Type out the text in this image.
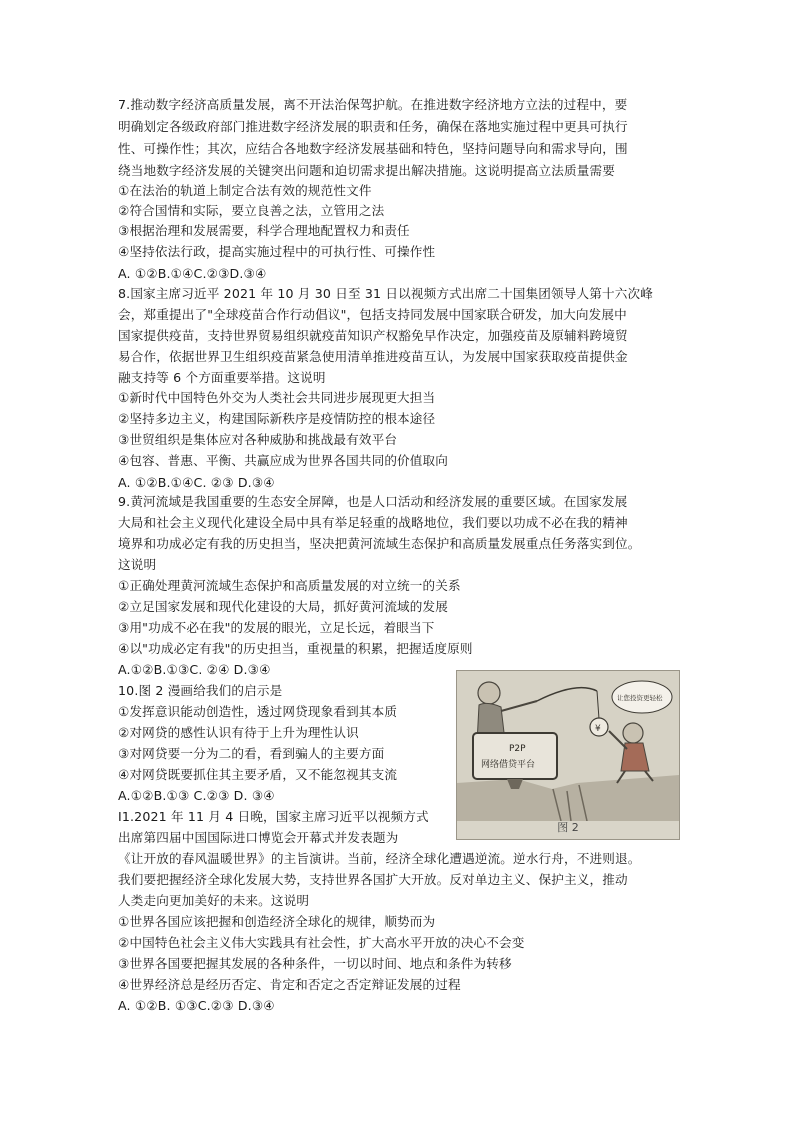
7.推动数字经济高质量发展，离不开法治保驾护航。在推进数字经济地方立法的过程中，要
明确划定各级政府部门推进数字经济发展的职责和任务，确保在落地实施过程中更具可执行
性、可操作性；其次，应结合各地数字经济发展基础和特色，坚持问题导向和需求导向，围
绕当地数字经济发展的关键突出问题和迫切需求提出解决措施。这说明提高立法质量需要
①在法治的轨道上制定合法有效的规范性文件
②符合国情和实际，要立良善之法，立管用之法
③根据治理和发展需要，科学合理地配置权力和责任
④坚持依法行政，提高实施过程中的可执行性、可操作性
A. ①②B.①④C.②③D.③④
8.国家主席习近平 2021 年 10 月 30 日至 31 日以视频方式出席二十国集团领导人第十六次峰
会，郑重提出了"全球疫苗合作行动倡议"，包括支持同发展中国家联合研发，加大向发展中
国家提供疫苗，支持世界贸易组织就疫苗知识产权豁免早作决定，加强疫苗及原辅料跨境贸
易合作，依据世界卫生组织疫苗紧急使用清单推进疫苗互认，为发展中国家获取疫苗提供金
融支持等 6 个方面重要举措。这说明
①新时代中国特色外交为人类社会共同进步展现更大担当
②坚持多边主义，构建国际新秩序是疫情防控的根本途径
③世贸组织是集体应对各种威胁和挑战最有效平台
④包容、普惠、平衡、共赢应成为世界各国共同的价值取向
A. ①②B.①④C. ②③ D.③④
9.黄河流域是我国重要的生态安全屏障，也是人口活动和经济发展的重要区域。在国家发展
大局和社会主义现代化建设全局中具有举足轻重的战略地位，我们要以功成不必在我的精神
境界和功成必定有我的历史担当，坚决把黄河流域生态保护和高质量发展重点任务落实到位。
这说明
①正确处理黄河流域生态保护和高质量发展的对立统一的关系
②立足国家发展和现代化建设的大局，抓好黄河流域的发展
③用"功成不必在我"的发展的眼光，立足长远，着眼当下
④以"功成必定有我"的历史担当，重视量的积累，把握适度原则
A.①②B.①③C. ②④ D.③④
10.图 2 漫画给我们的启示是
①发挥意识能动创造性，透过网贷现象看到其本质
②对网贷的感性认识有待于上升为理性认识
③对网贷要一分为二的看，看到骗人的主要方面
④对网贷既要抓住其主要矛盾，又不能忽视其支流
A.①②B.①③ C.②③ D. ③④
P2P
网络借贷平台
¥
让您投资更轻松
图 2
I1.2021 年 11 月 4 日晚，国家主席习近平以视频方式
出席第四届中国国际进口博览会开幕式并发表题为
《让开放的春风温暖世界》的主旨演讲。当前，经济全球化遭遇逆流。逆水行舟，不进则退。
我们要把握经济全球化发展大势，支持世界各国扩大开放。反对单边主义、保护主义，推动
人类走向更加美好的未来。这说明
①世界各国应该把握和创造经济全球化的规律，顺势而为
②中国特色社会主义伟大实践具有社会性，扩大高水平开放的决心不会变
③世界各国要把握其发展的各种条件，一切以时间、地点和条件为转移
④世界经济总是经历否定、肯定和否定之否定辩证发展的过程
A. ①②B. ①③C.②③ D.③④
